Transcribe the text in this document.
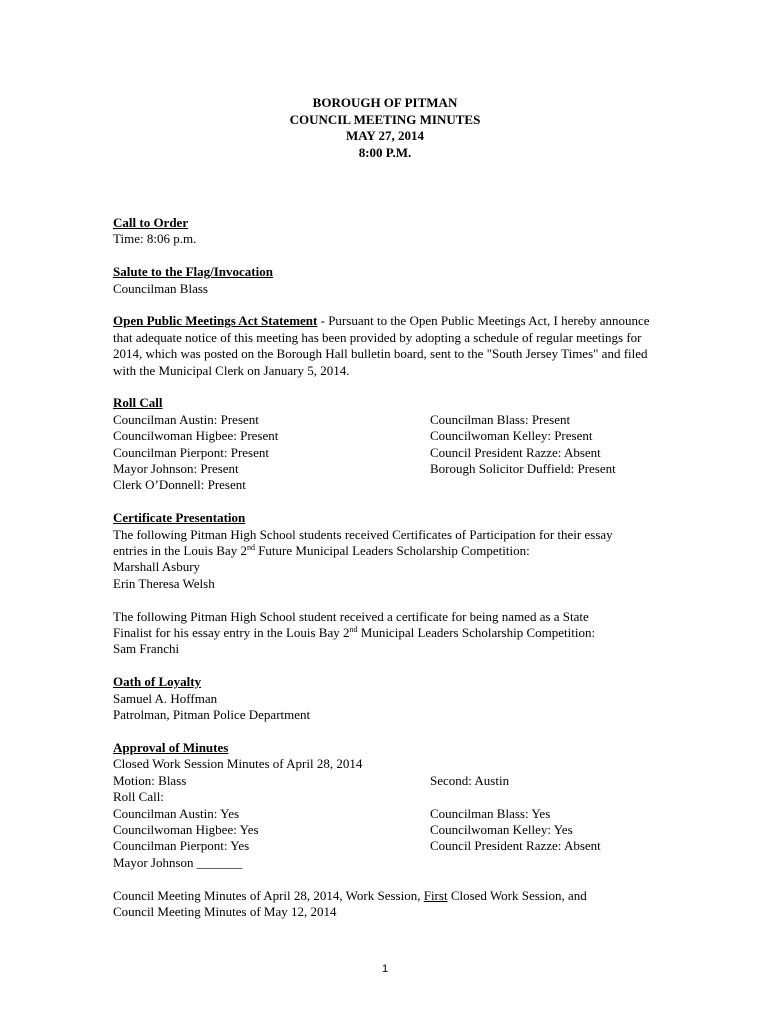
BOROUGH OF PITMAN
COUNCIL MEETING MINUTES
MAY 27, 2014
8:00 P.M.
Call to Order
Time: 8:06 p.m.
Salute to the Flag/Invocation
Councilman Blass
Open Public Meetings Act Statement - Pursuant to the Open Public Meetings Act, I hereby announce that adequate notice of this meeting has been provided by adopting a schedule of regular meetings for 2014, which was posted on the Borough Hall bulletin board, sent to the "South Jersey Times" and filed with the Municipal Clerk on January 5, 2014.
Roll Call
Councilman Austin: Present	Councilman Blass: Present
Councilwoman Higbee: Present	Councilwoman Kelley: Present
Councilman Pierpont: Present	Council President Razze: Absent
Mayor Johnson: Present	Borough Solicitor Duffield: Present
Clerk O’Donnell: Present
Certificate Presentation
The following Pitman High School students received Certificates of Participation for their essay
entries in the Louis Bay 2nd Future Municipal Leaders Scholarship Competition:
Marshall Asbury
Erin Theresa Welsh
The following Pitman High School student received a certificate for being named as a State
Finalist for his essay entry in the Louis Bay 2nd Municipal Leaders Scholarship Competition:
Sam Franchi
Oath of Loyalty
Samuel A. Hoffman
Patrolman, Pitman Police Department
Approval of Minutes
Closed Work Session Minutes of April 28, 2014
Motion: Blass	Second: Austin
Roll Call:
Councilman Austin: Yes	Councilman Blass: Yes
Councilwoman Higbee: Yes	Councilwoman Kelley: Yes
Councilman Pierpont: Yes	Council President Razze: Absent
Mayor Johnson _______
Council Meeting Minutes of April 28, 2014, Work Session, First Closed Work Session, and
Council Meeting Minutes of May 12, 2014
1
